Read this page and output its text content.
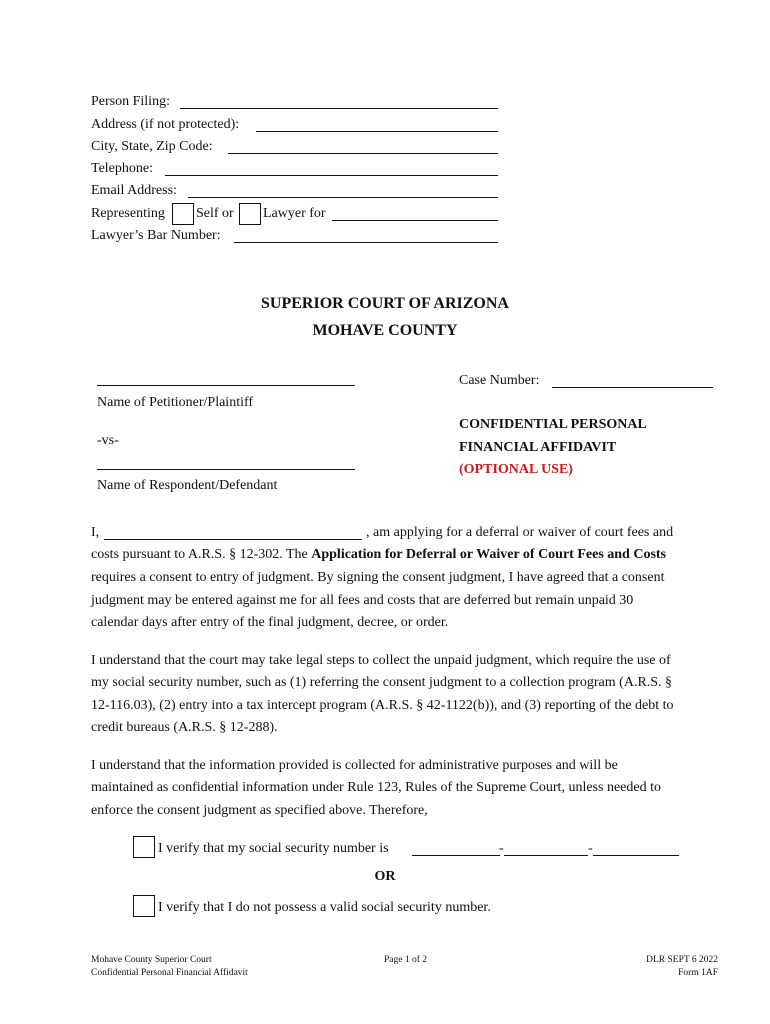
Person Filing:
Address (if not protected):
City, State, Zip Code:
Telephone:
Email Address:
Representing Self or Lawyer for
Lawyer’s Bar Number:
SUPERIOR COURT OF ARIZONA
MOHAVE COUNTY
Name of Petitioner/Plaintiff
-vs-
Name of Respondent/Defendant
Case Number:
CONFIDENTIAL PERSONAL
FINANCIAL AFFIDAVIT
(OPTIONAL USE)
I,	, am applying for a deferral or waiver of court fees and
costs pursuant to A.R.S. § 12-302. The Application for Deferral or Waiver of Court Fees and Costs
requires a consent to entry of judgment. By signing the consent judgment, I have agreed that a consent
judgment may be entered against me for all fees and costs that are deferred but remain unpaid 30
calendar days after entry of the final judgment, decree, or order.
I understand that the court may take legal steps to collect the unpaid judgment, which require the use of
my social security number, such as (1) referring the consent judgment to a collection program (A.R.S. §
12-116.03), (2) entry into a tax intercept program (A.R.S. § 42-1122(b)), and (3) reporting of the debt to
credit bureaus (A.R.S. § 12-288).
I understand that the information provided is collected for administrative purposes and will be
maintained as confidential information under Rule 123, Rules of the Supreme Court, unless needed to
enforce the consent judgment as specified above. Therefore,
I verify that my social security number is	-	-
OR
I verify that I do not possess a valid social security number.
Mohave County Superior Court
Confidential Personal Financial Affidavit
Page 1 of 2	DLR SEPT 6 2022
Form 1AF
